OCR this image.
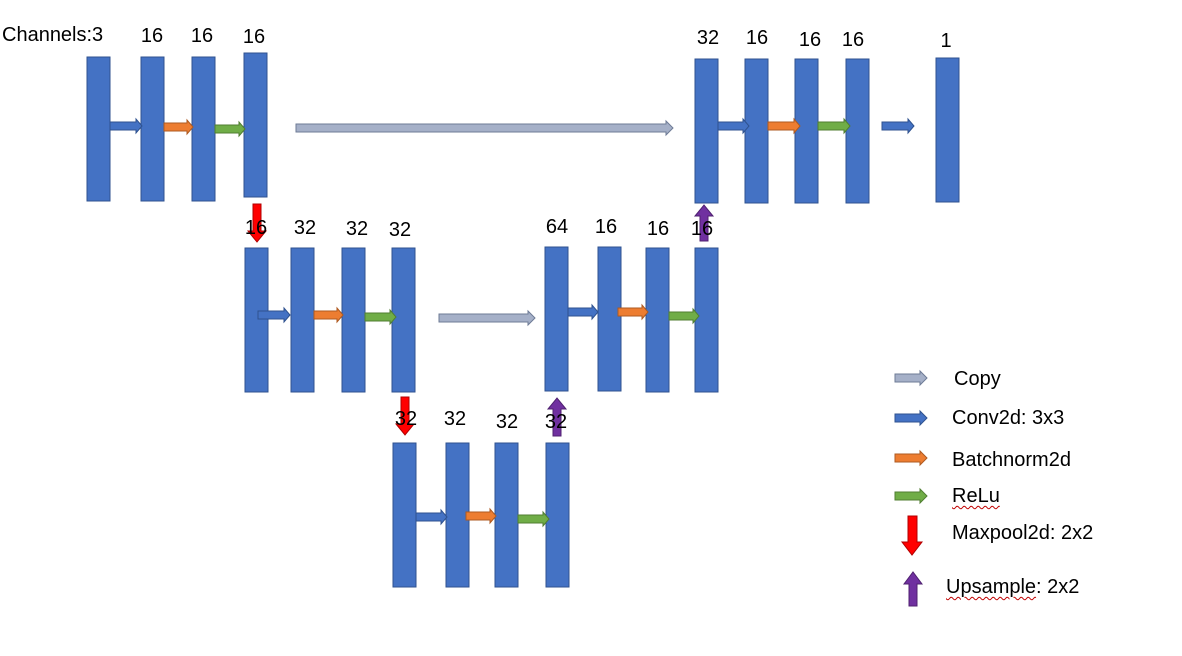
Channels:3 16 16 16	32 16 16 16	1
16 32 32 32	64 16 16 16
32 32 32 32
Copy
Conv2d: 3x3
Batchnorm2d
ReLu
Maxpool2d: 2x2
Upsample: 2x2
